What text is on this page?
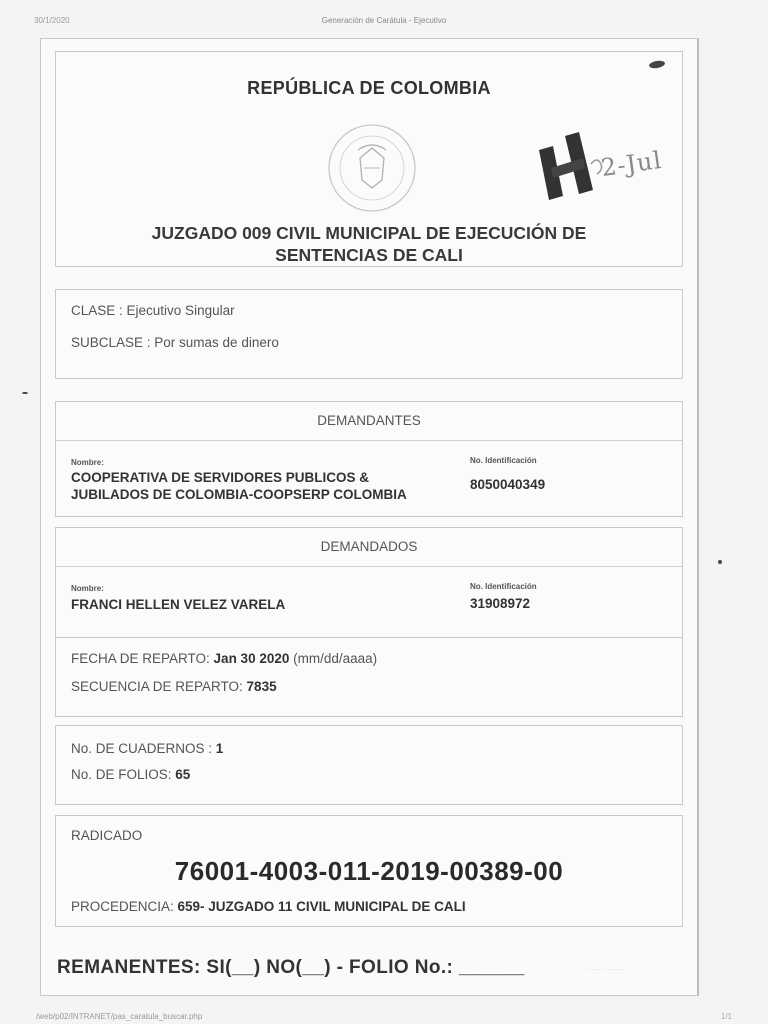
30/1/2020	Generación de Carátula - Ejecutivo
REPÚBLICA DE COLOMBIA
2-Jul
JUZGADO 009 CIVIL MUNICIPAL DE EJECUCIÓN DE
SENTENCIAS DE CALI
CLASE : Ejecutivo Singular
SUBCLASE : Por sumas de dinero
DEMANDANTES
Nombre:	No. Identificación
COOPERATIVA DE SERVIDORES PUBLICOS &
JUBILADOS DE COLOMBIA-COOPSERP COLOMBIA
8050040349
DEMANDADOS
Nombre:	No. Identificación
FRANCI HELLEN VELEZ VARELA	31908972
FECHA DE REPARTO: Jan 30 2020 (mm/dd/aaaa)
SECUENCIA DE REPARTO: 7835
No. DE CUADERNOS : 1
No. DE FOLIOS: 65
RADICADO
76001-4003-011-2019-00389-00
PROCEDENCIA: 659- JUZGADO 11 CIVIL MUNICIPAL DE CALI
REMANENTES: SI(__) NO(__) - FOLIO No.: ______	· · · · · · · · · · · · · · ·
/web/p02/INTRANET/pas_caratula_buscar.php	1/1
